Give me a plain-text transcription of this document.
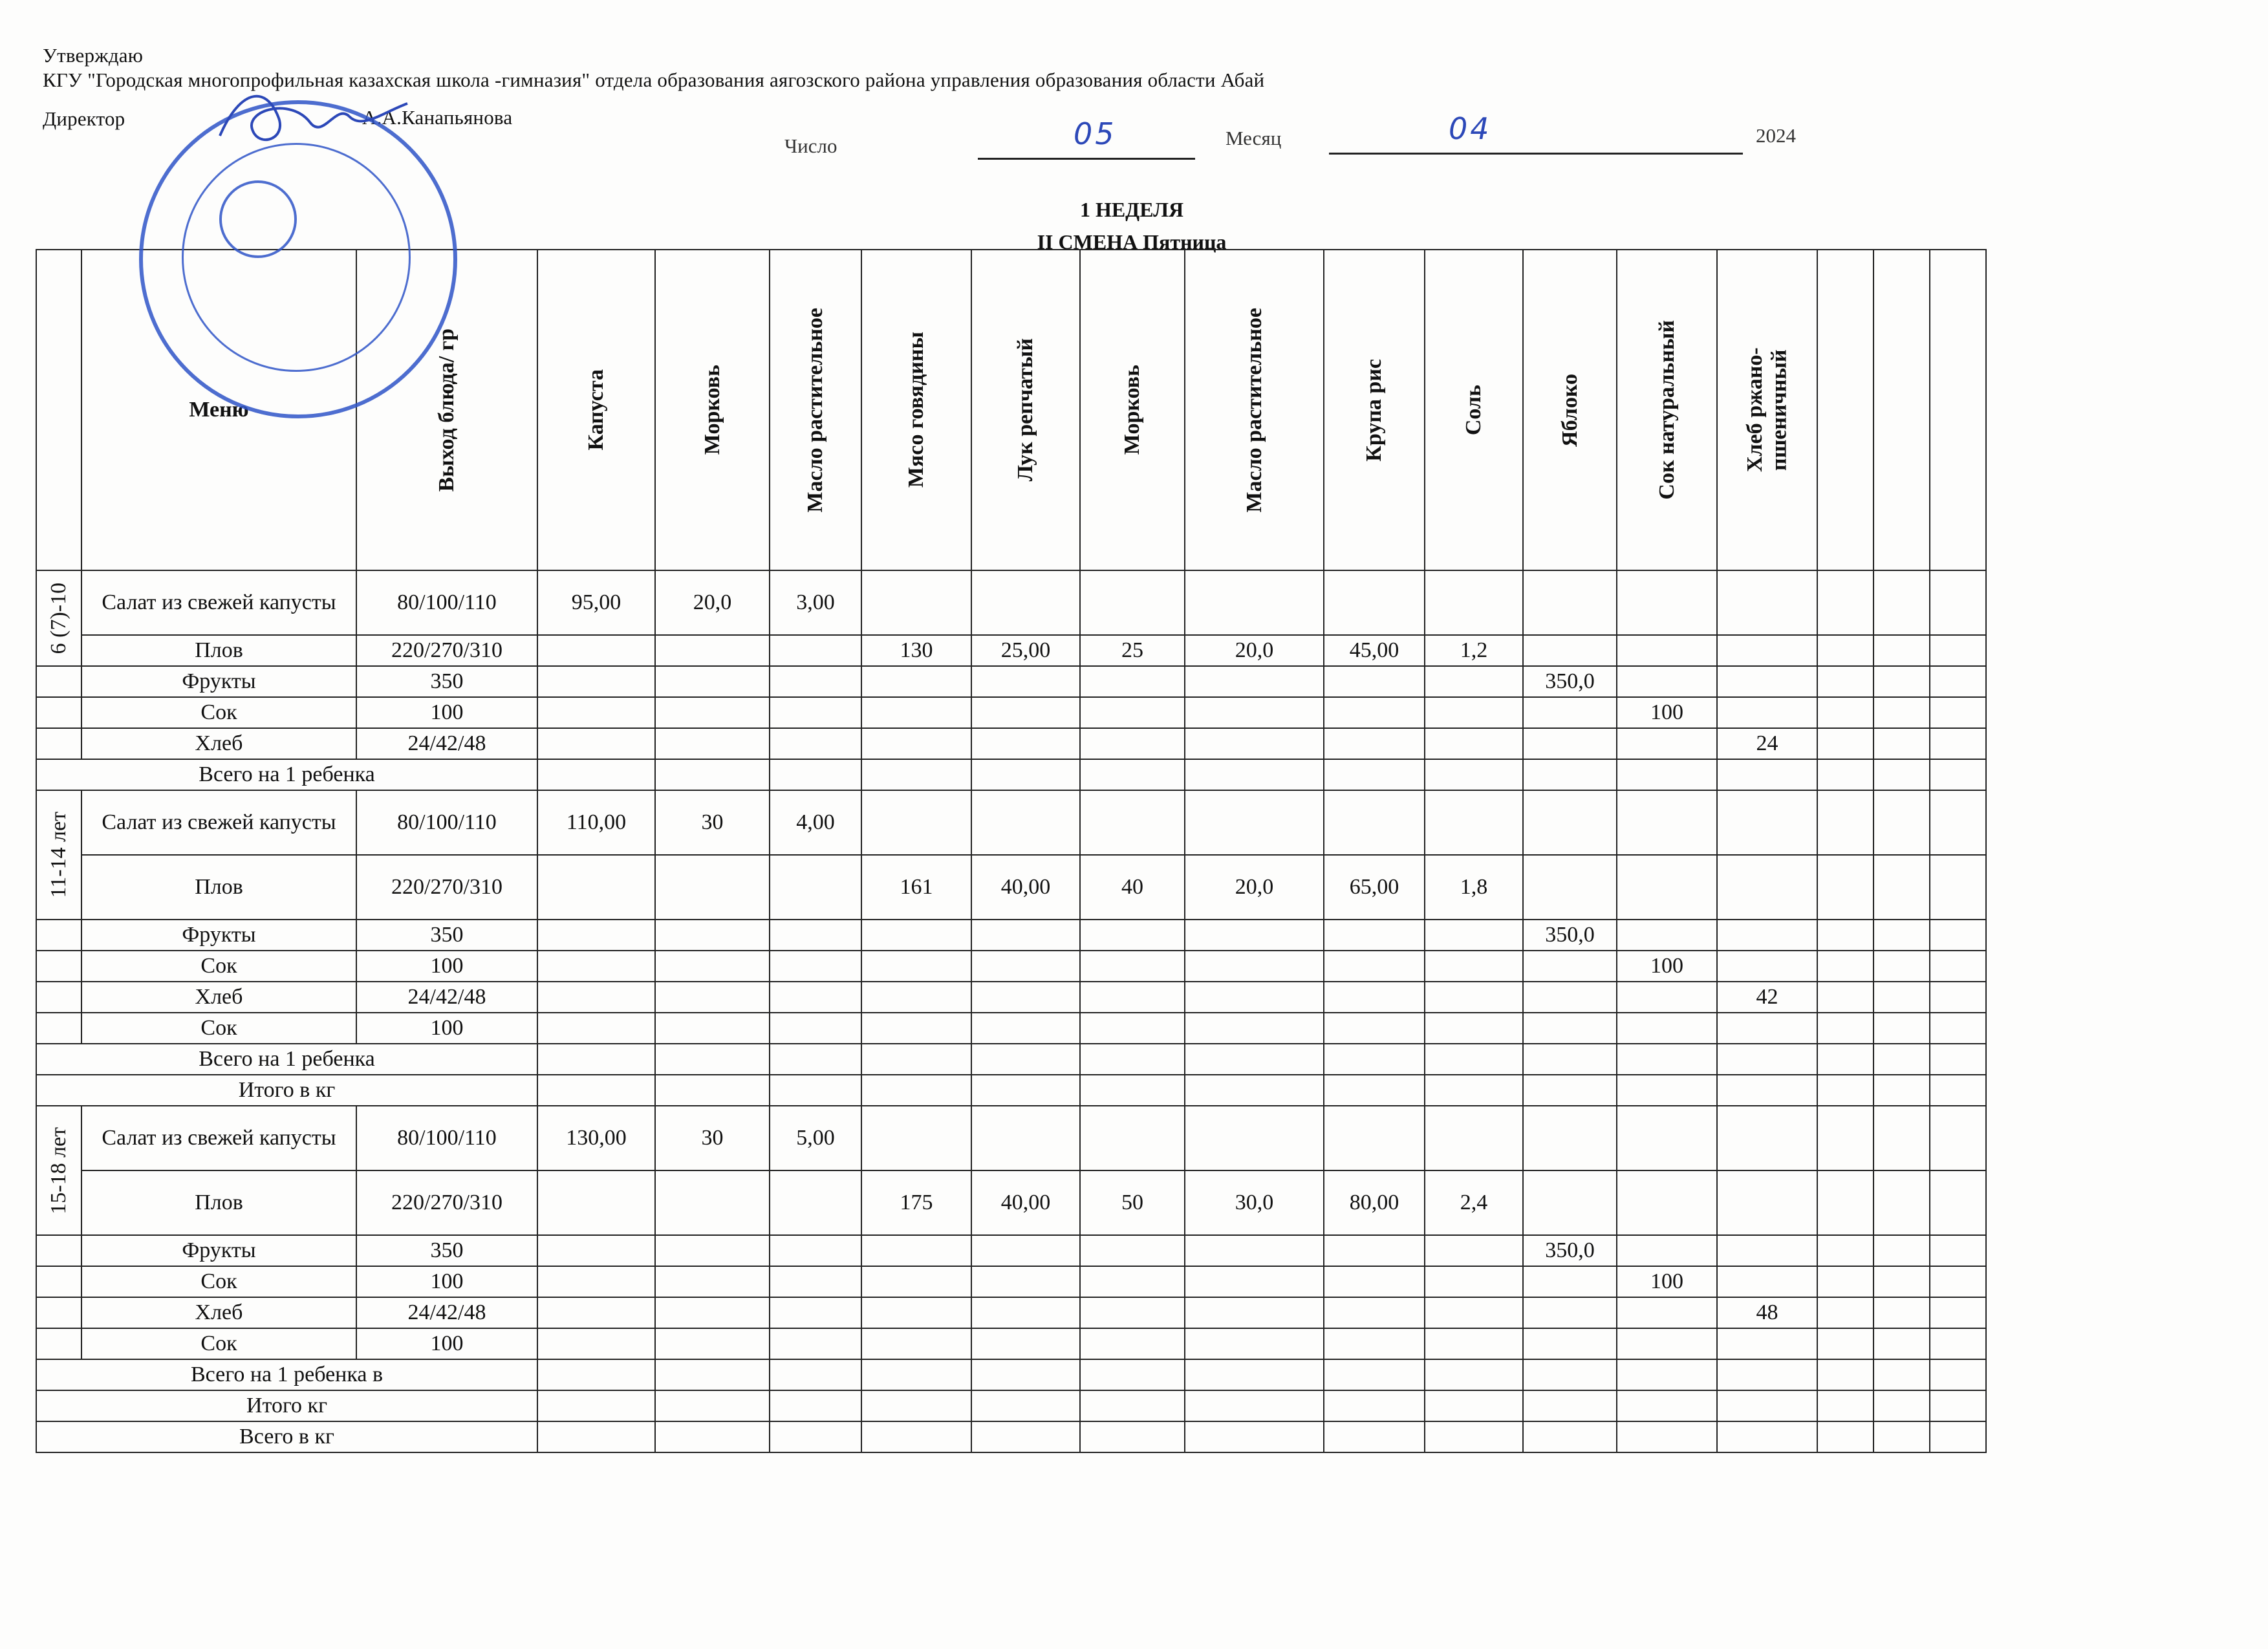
Утверждаю
КГУ "Городская многопрофильная казахская школа -гимназия" отдела образования аягозского района управления образования области Абай
Директор	А.А.Канапьянова
Число	05	Месяц	04	2024
1 НЕДЕЛЯ
II СМЕНА Пятница
	Меню	Выход блюда/ гр	Капуста	Морковь	Масло растительное	Мясо говядины	Лук репчатый	Морковь	Масло растительное	Крупа рис	Соль	Яблоко	Сок натуральный	Хлеб ржано-пшеничный			

6 (7)-10	Салат из свежей капусты	80/100/110	95,00	20,0	3,00												
	Плов	220/270/310				130	25,00	25	20,0	45,00	1,2						
	Фрукты	350										350,0					
	Сок	100											100				
	Хлеб	24/42/48												24			
Всего на 1 ребенка																	

11-14 лет	Салат из свежей капусты	80/100/110	110,00	30	4,00												
	Плов	220/270/310				161	40,00	40	20,0	65,00	1,8						
	Фрукты	350										350,0					
	Сок	100											100				
	Хлеб	24/42/48												42			
	Сок	100															
Всего на 1 ребенка																	
Итого в кг																	

15-18 лет	Салат из свежей капусты	80/100/110	130,00	30	5,00												
	Плов	220/270/310				175	40,00	50	30,0	80,00	2,4						
	Фрукты	350										350,0					
	Сок	100											100				
	Хлеб	24/42/48												48			
	Сок	100															
Всего на 1 ребенка в																	
Итого кг																	
Всего в кг																	
